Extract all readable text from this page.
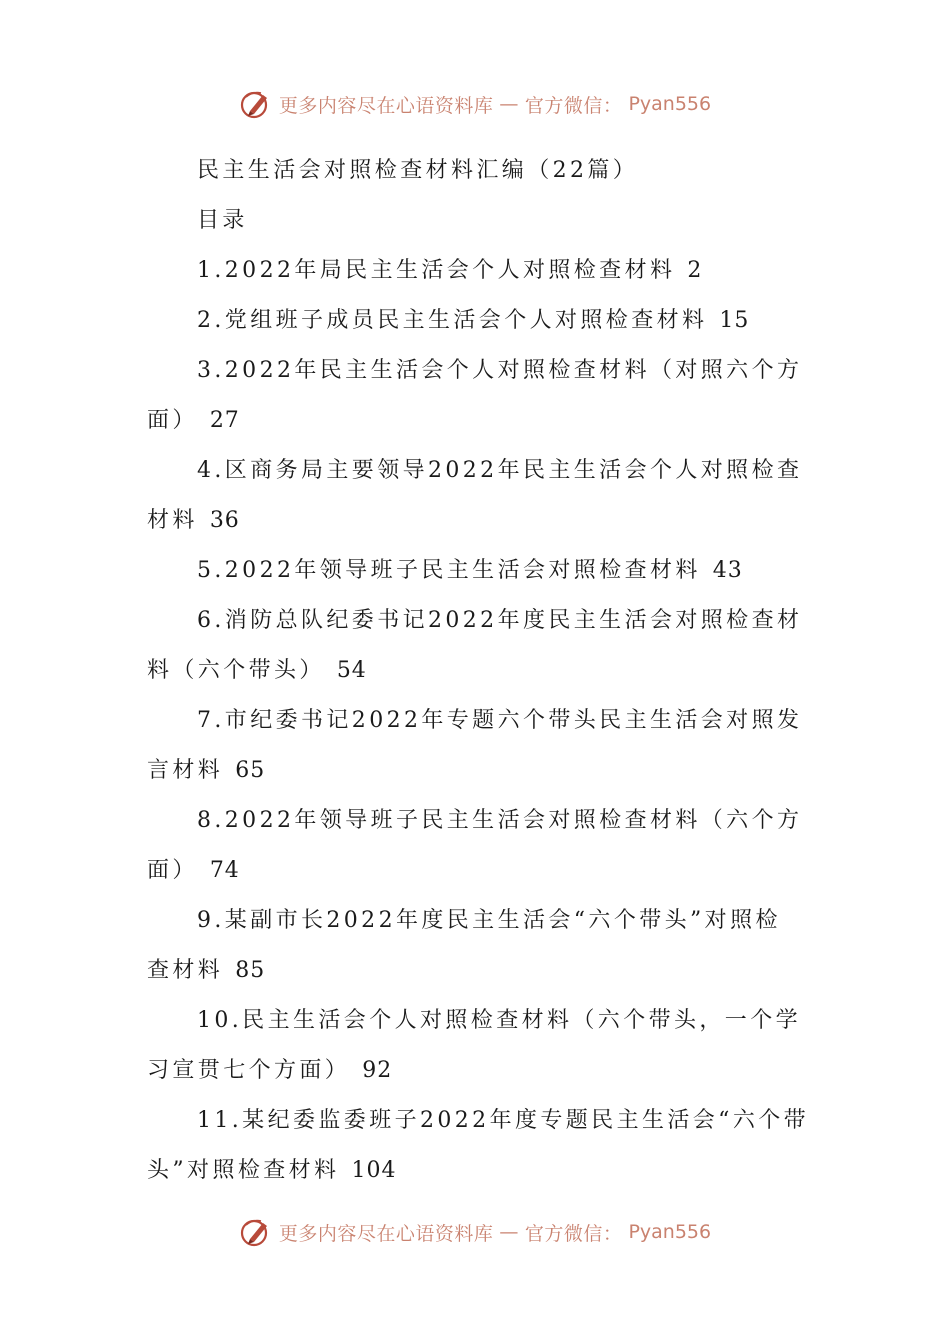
更多内容尽在心语资料库 — 官方微信： Pyan556
民主生活会对照检查材料汇编（22篇）
目录
1.2022年局民主生活会个人对照检查材料 2
2.党组班子成员民主生活会个人对照检查材料 15
3.2022年民主生活会个人对照检查材料（对照六个方
面） 27
4.区商务局主要领导2022年民主生活会个人对照检查
材料 36
5.2022年领导班子民主生活会对照检查材料 43
6.消防总队纪委书记2022年度民主生活会对照检查材
料（六个带头） 54
7.市纪委书记2022年专题六个带头民主生活会对照发
言材料 65
8.2022年领导班子民主生活会对照检查材料（六个方
面） 74
9.某副市长2022年度民主生活会“六个带头”对照检
查材料 85
10.民主生活会个人对照检查材料（六个带头，一个学
习宣贯七个方面） 92
11.某纪委监委班子2022年度专题民主生活会“六个带
头”对照检查材料 104
更多内容尽在心语资料库 — 官方微信： Pyan556
